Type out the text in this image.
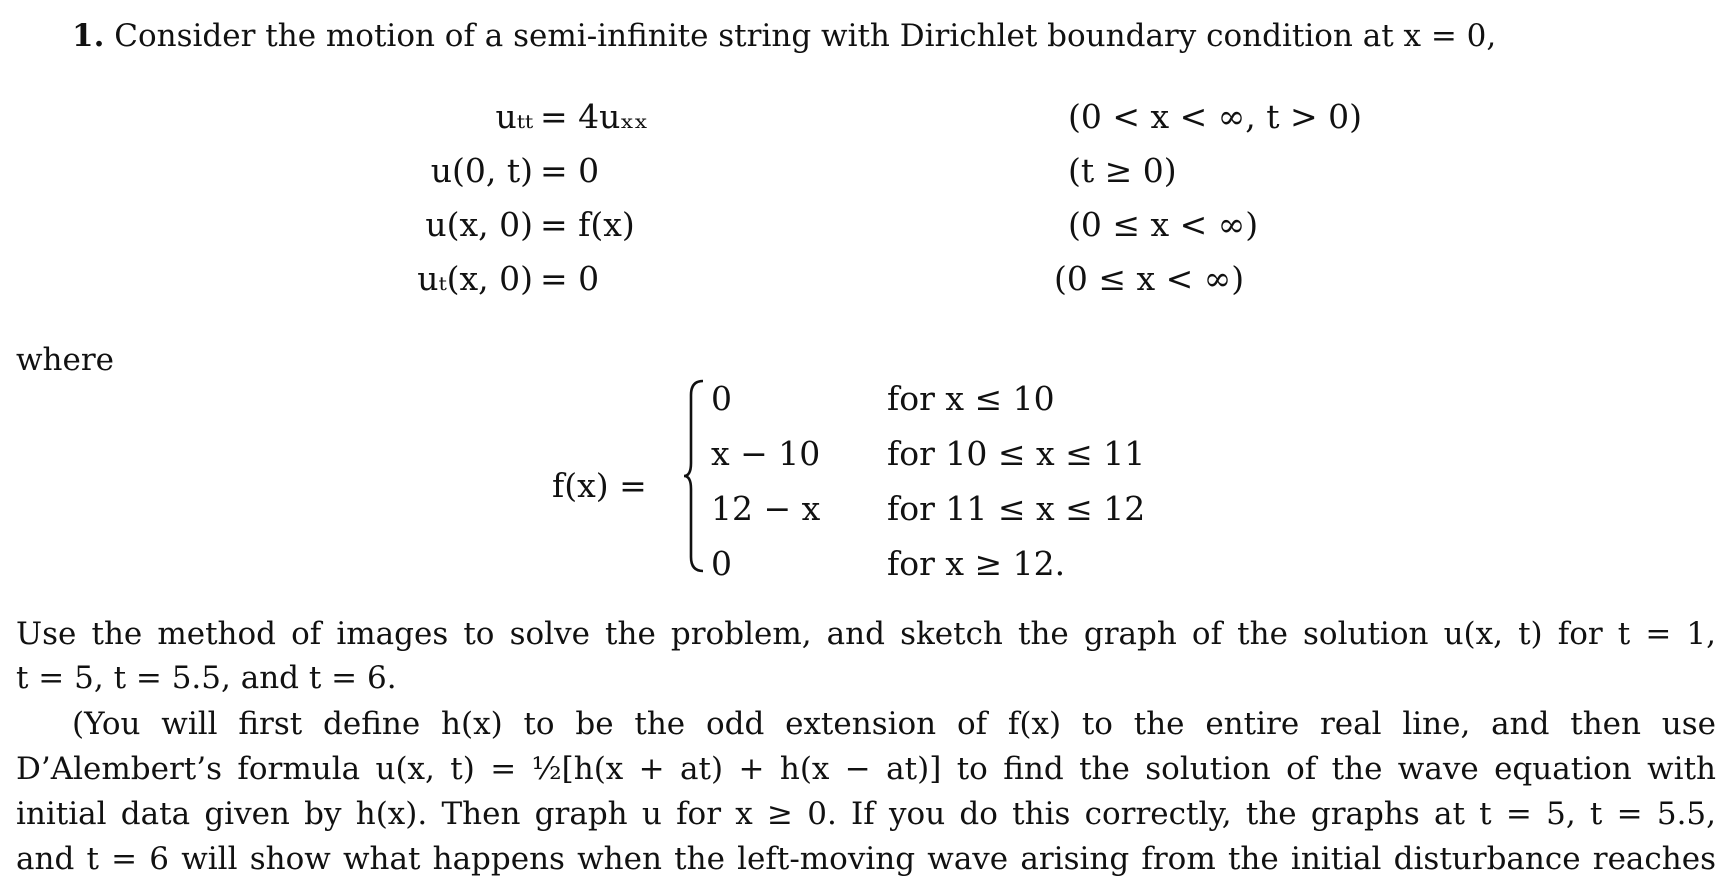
1. Consider the motion of a semi-infinite string with Dirichlet boundary condition at x = 0,
uₜₜ = 4uₓₓ	(0 < x < ∞, t > 0)
u(0, t) = 0	(t ≥ 0)
u(x, 0) = f(x)	(0 ≤ x < ∞)
uₜ(x, 0) = 0	(0 ≤ x < ∞)
where
f(x) =
0	for x ≤ 10
x − 10 for 10 ≤ x ≤ 11
12 − x for 11 ≤ x ≤ 12
0	for x ≥ 12.
Use the method of images to solve the problem, and sketch the graph of the solution u(x, t) for t = 1,
t = 5, t = 5.5, and t = 6.
(You will first define h(x) to be the odd extension of f(x) to the entire real line, and then use
D’Alembert’s formula u(x, t) = ½[h(x + at) + h(x − at)] to find the solution of the wave equation with
initial data given by h(x). Then graph u for x ≥ 0. If you do this correctly, the graphs at t = 5, t = 5.5,
and t = 6 will show what happens when the left-moving wave arising from the initial disturbance reaches
